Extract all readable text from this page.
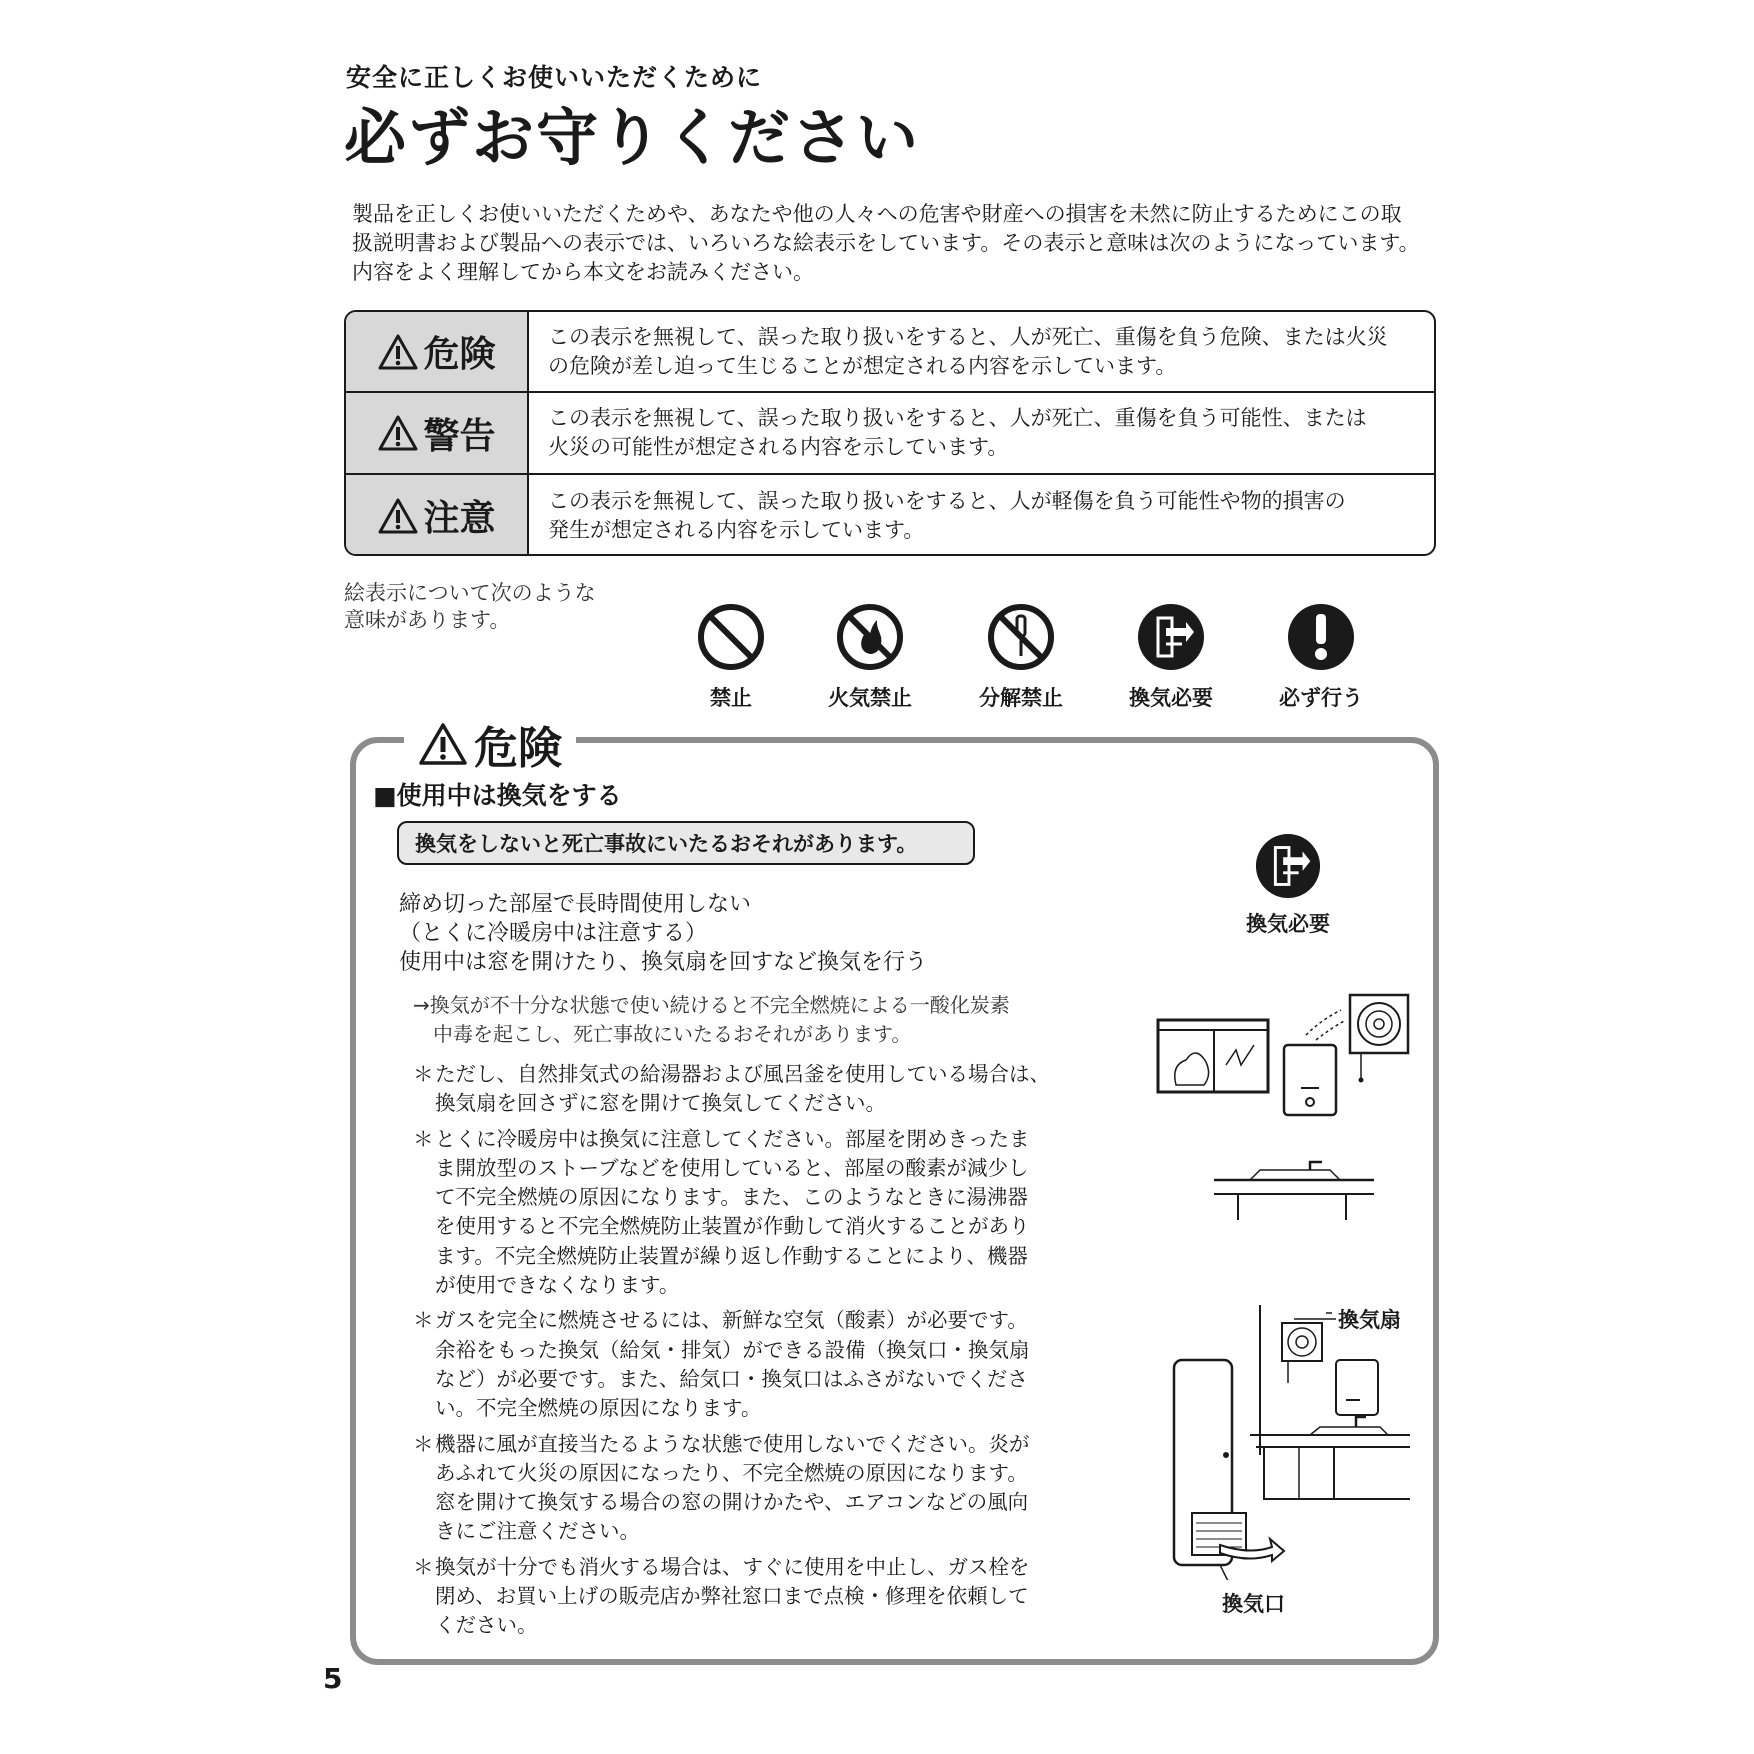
安全に正しくお使いいただくために
必ずお守りください
製品を正しくお使いいただくためや、あなたや他の人々への危害や財産への損害を未然に防止するためにこの取
扱説明書および製品への表示では、いろいろな絵表示をしています。その表示と意味は次のようになっています。
内容をよく理解してから本文をお読みください。
危険	この表示を無視して、誤った取り扱いをすると、人が死亡、重傷を負う危険、または火災
の危険が差し迫って生じることが想定される内容を示しています。
警告	この表示を無視して、誤った取り扱いをすると、人が死亡、重傷を負う可能性、または
火災の可能性が想定される内容を示しています。
注意	この表示を無視して、誤った取り扱いをすると、人が軽傷を負う可能性や物的損害の
発生が想定される内容を示しています。
絵表示について次のような
意味があります。
禁止	火気禁止	分解禁止	換気必要	必ず行う
危険
■使用中は換気をする
換気をしないと死亡事故にいたるおそれがあります。
締め切った部屋で長時間使用しない
（とくに冷暖房中は注意する）
使用中は窓を開けたり、換気扇を回すなど換気を行う
→換気が不十分な状態で使い続けると不完全燃焼による一酸化炭素
中毒を起こし、死亡事故にいたるおそれがあります。
＊ ただし、自然排気式の給湯器および風呂釜を使用している場合は、
換気扇を回さずに窓を開けて換気してください。
＊ とくに冷暖房中は換気に注意してください。部屋を閉めきったま
ま開放型のストーブなどを使用していると、部屋の酸素が減少し
て不完全燃焼の原因になります。また、このようなときに湯沸器
を使用すると不完全燃焼防止装置が作動して消火することがあり
ます。不完全燃焼防止装置が繰り返し作動することにより、機器
が使用できなくなります。
＊ ガスを完全に燃焼させるには、新鮮な空気（酸素）が必要です。
余裕をもった換気（給気・排気）ができる設備（換気口・換気扇
など）が必要です。また、給気口・換気口はふさがないでくださ
い。不完全燃焼の原因になります。
＊ 機器に風が直接当たるような状態で使用しないでください。炎が
あふれて火災の原因になったり、不完全燃焼の原因になります。
窓を開けて換気する場合の窓の開けかたや、エアコンなどの風向
きにご注意ください。
＊ 換気が十分でも消火する場合は、すぐに使用を中止し、ガス栓を
閉め、お買い上げの販売店か弊社窓口まで点検・修理を依頼して
ください。
換気必要
換気扇
換気口
5
